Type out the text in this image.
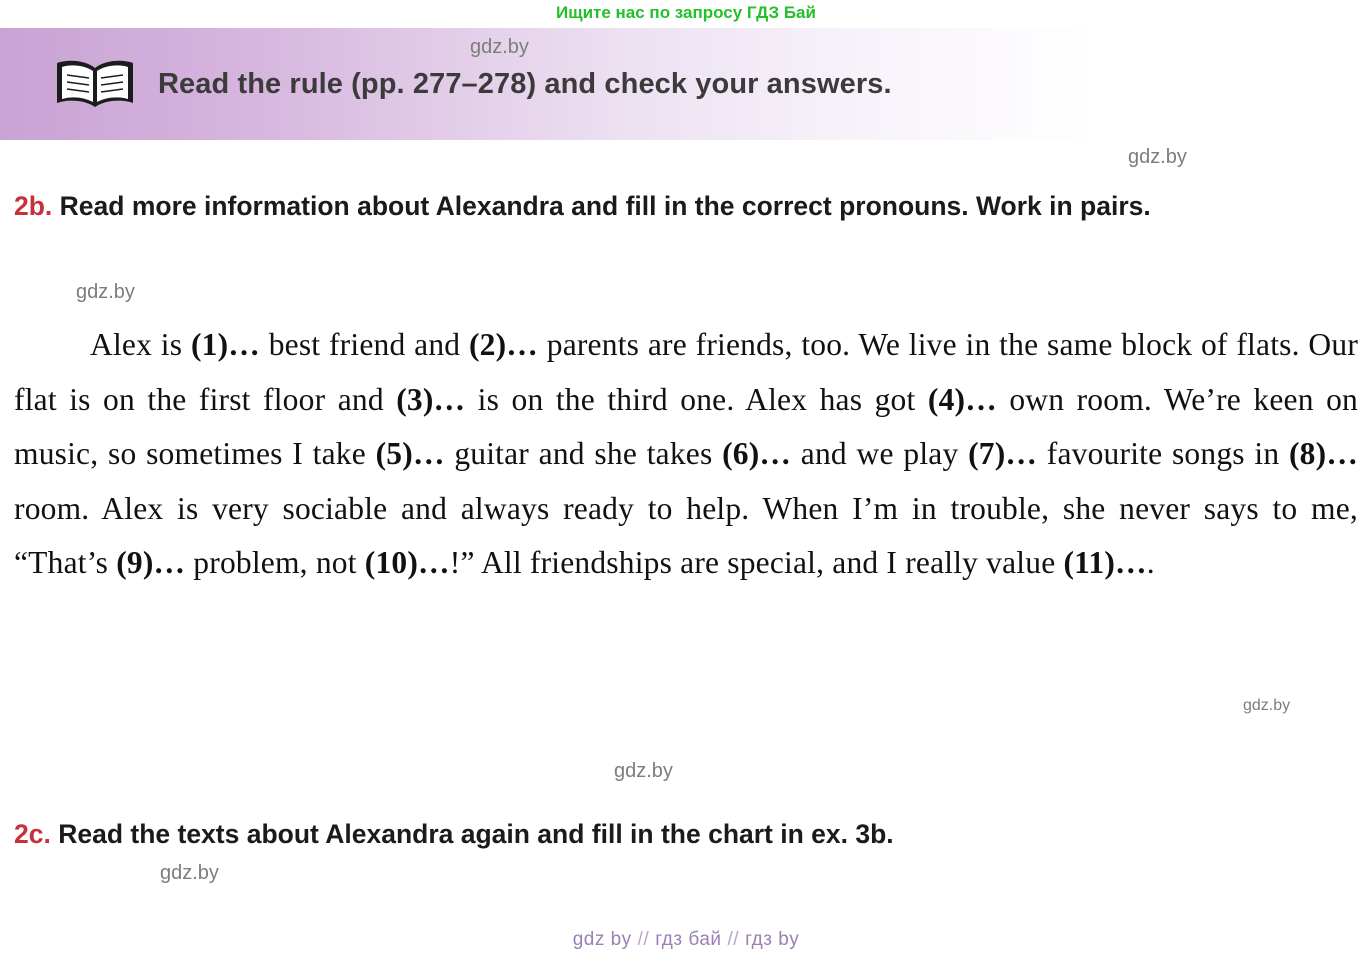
Ищите нас по запросу ГДЗ Бай
Read the rule (pp. 277–278) and check your answers.
gdz.by
gdz.by
gdz.by
gdz.by
gdz.by
gdz.by
2b. Read more information about Alexandra and fill in the correct pronouns. Work in pairs.
Alex is (1)… best friend and (2)… parents are friends, too. We live in the same block of flats. Our flat is on the first floor and (3)… is on the third one. Alex has got (4)… own room. We’re keen on music, so sometimes I take (5)… guitar and she takes (6)… and we play (7)… favourite songs in (8)… room. Alex is very sociable and always ready to help. When I’m in trouble, she never says to me, “That’s (9)… problem, not (10)…!” All friendships are special, and I really value (11)….
2c. Read the texts about Alexandra again and fill in the chart in ex. 3b.
gdz by // гдз бай // гдз by
